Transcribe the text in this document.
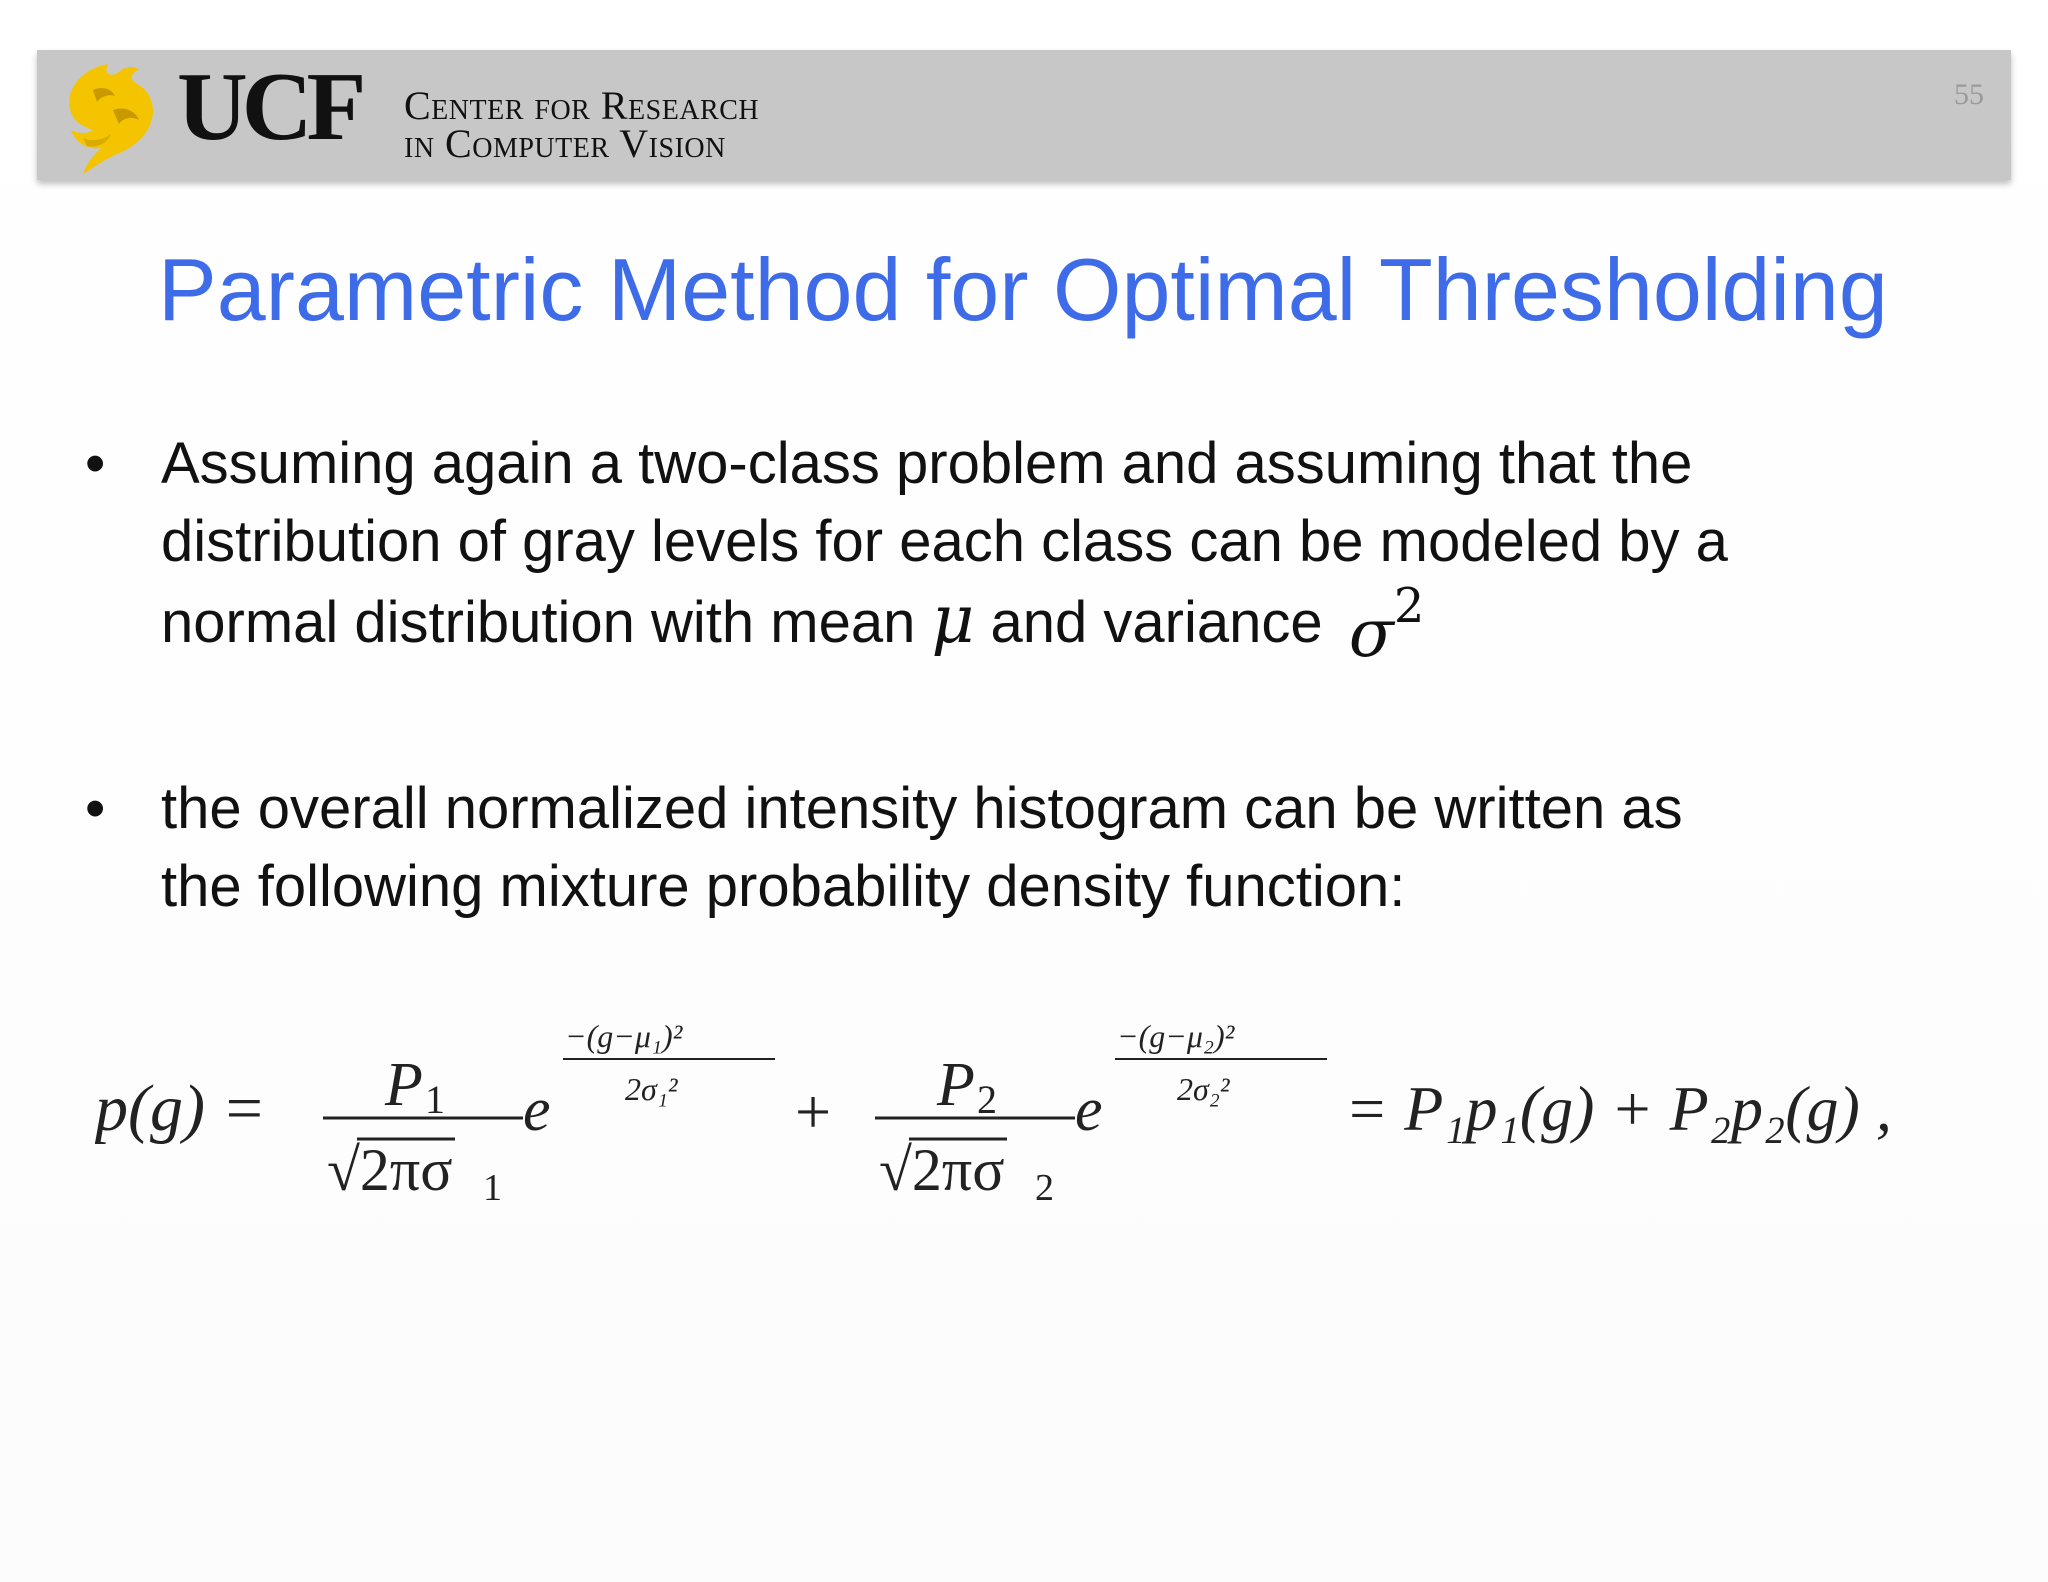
UCF Center for Research
in Computer Vision
55
Parametric Method for Optimal Thresholding
• Assuming again a two-class problem and assuming that the
distribution of gray levels for each class can be modeled by a
normal distribution with mean μ and variance $\sigma^2$
• the overall normalized intensity histogram can be written as
the following mixture probability density function:
p(g) = P 1
√2πσ 1
e
−(g−μ₁)²
2σ₁² + P 2
√2πσ 2
e
−(g−μ₂)²
2σ₂² = P₁p₁(g) + P₂p₂(g) ,
